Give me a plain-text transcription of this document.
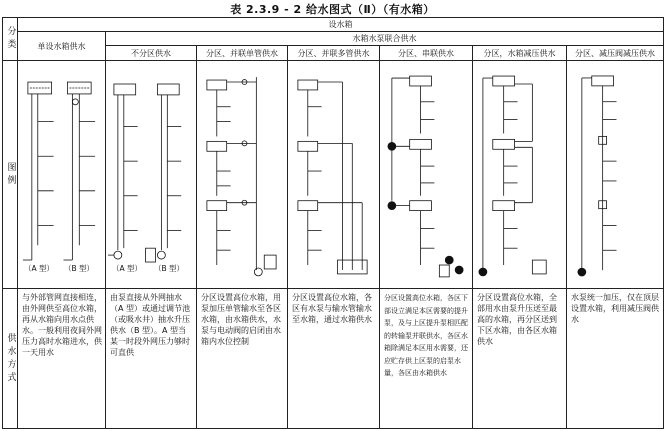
表 2.3.9 - 2 给水图式（Ⅱ）（有水箱）
分类	设水箱						
	单设水箱供水	水箱水泵联合供水					
		不分区供水	分区、并联单管供水	分区、并联多管供水	分区、串联供水	分区，水箱减压供水	分区、减压阀减压供水

图例	（A 型） （B 型）	（A 型） （B 型）

供水方式	与外部管网直接相连，由外网供至高位水箱，再从水箱向用水点供水。一般利用夜间外网压力高时水箱进水，供一天用水	由泵直接从外网抽水（A 型）或通过调节池（或吸水井）抽水升压供水（B 型）。A 型当某一时段外网压力够时可直供	分区设置高位水箱，用泵加压单管输水至各区水箱，由水箱供水，水泵与电动阀的启闭由水箱内水位控制	分区设置高位水箱，各区有水泵与输水管输水至水箱，通过水箱供水	分区设置高位水箱，各区下部设立满足本区需要的提升泵，及与上区提升泵相匹配的转输泵并联供水，各区水箱除满足本区用水需要，还应贮存供上区泵的启泵水量，各区由水箱供水	分区设置高位水箱，全部用水由泵升压送至最高的水箱，再分区送到下区水箱，由各区水箱供水	水泵统一加压，仅在顶层设置水箱，利用减压阀供水
